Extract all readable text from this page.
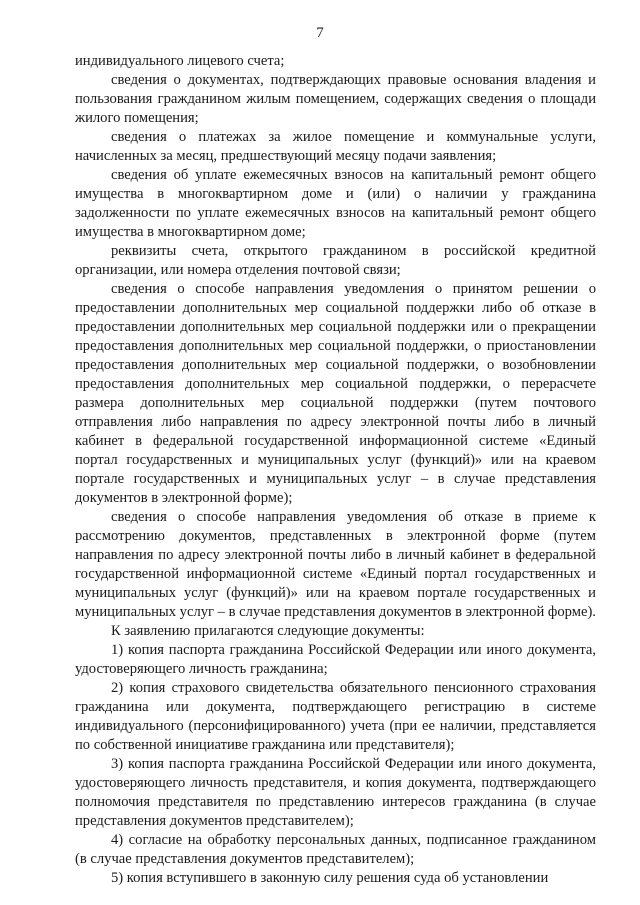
7

индивидуального лицевого счета;

сведения о документах, подтверждающих правовые основания владения и пользования гражданином жилым помещением, содержащих сведения о площади жилого помещения;

сведения о платежах за жилое помещение и коммунальные услуги, начисленных за месяц, предшествующий месяцу подачи заявления;

сведения об уплате ежемесячных взносов на капитальный ремонт общего имущества в многоквартирном доме и (или) о наличии у гражданина задолженности по уплате ежемесячных взносов на капитальный ремонт общего имущества в многоквартирном доме;

реквизиты счета, открытого гражданином в российской кредитной организации, или номера отделения почтовой связи;

сведения о способе направления уведомления о принятом решении о предоставлении дополнительных мер социальной поддержки либо об отказе в предоставлении дополнительных мер социальной поддержки или о прекращении предоставления дополнительных мер социальной поддержки, о приостановлении предоставления дополнительных мер социальной поддержки, о возобновлении предоставления дополнительных мер социальной поддержки, о перерасчете размера дополнительных мер социальной поддержки (путем почтового отправления либо направления по адресу электронной почты либо в личный кабинет в федеральной государственной информационной системе «Единый портал государственных и муниципальных услуг (функций)» или на краевом портале государственных и муниципальных услуг – в случае представления документов в электронной форме);

сведения о способе направления уведомления об отказе в приеме к рассмотрению документов, представленных в электронной форме (путем направления по адресу электронной почты либо в личный кабинет в федеральной государственной информационной системе «Единый портал государственных и муниципальных услуг (функций)» или на краевом портале государственных и муниципальных услуг – в случае представления документов в электронной форме).

К заявлению прилагаются следующие документы:

1) копия паспорта гражданина Российской Федерации или иного документа, удостоверяющего личность гражданина;

2) копия страхового свидетельства обязательного пенсионного страхования гражданина или документа, подтверждающего регистрацию в системе индивидуального (персонифицированного) учета (при ее наличии, представляется по собственной инициативе гражданина или представителя);

3) копия паспорта гражданина Российской Федерации или иного документа, удостоверяющего личность представителя, и копия документа, подтверждающего полномочия представителя по представлению интересов гражданина (в случае представления документов представителем);

4) согласие на обработку персональных данных, подписанное гражданином (в случае представления документов представителем);

5) копия вступившего в законную силу решения суда об установлении
